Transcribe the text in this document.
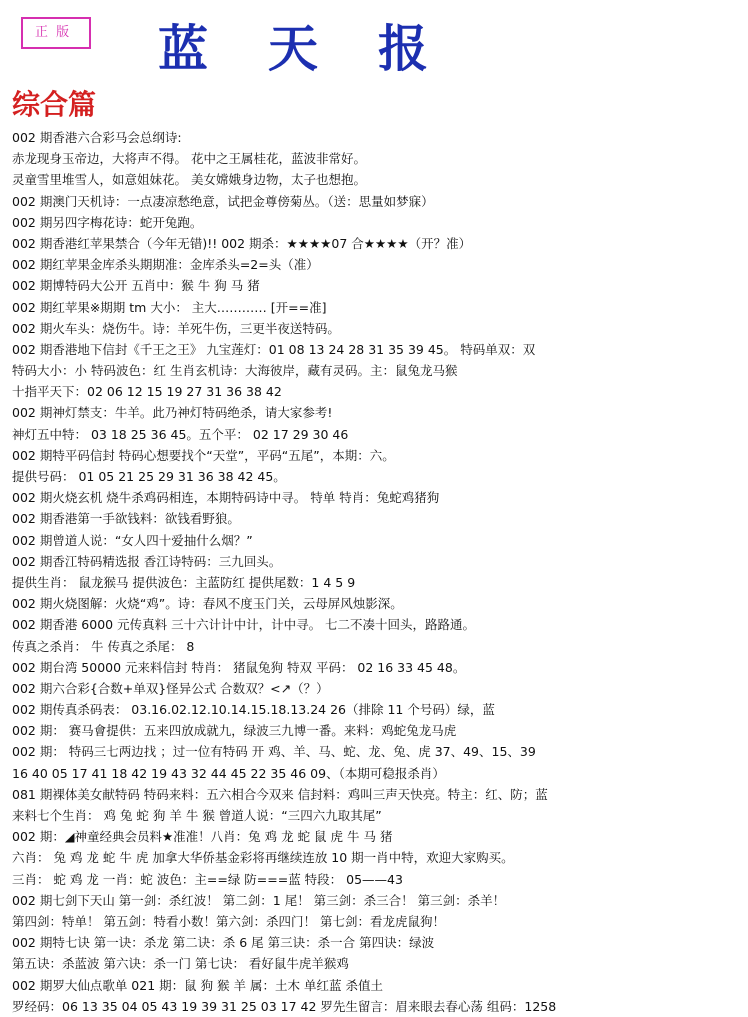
正 版	蓝天报
综合篇
002 期香港六合彩马会总纲诗:
赤龙现身玉帝边，大将声不得。 花中之王属桂花，蓝波非常好。
灵童雪里堆雪人，如意姐妹花。 美女嫦娥身边物，太子也想抱。
002 期澳门天机诗：一点凄凉愁绝意，试把金尊傍菊丛。（送：思量如梦寐）
002 期另四字梅花诗：蛇开兔跑。
002 期香港红苹果禁合（今年无错)!! 002 期杀：★★★★07 合★★★★（开？准）
002 期红苹果金库杀头期期准：金库杀头=2=头（准）
002 期博特码大公开 五肖中：猴 牛 狗 马 猪
002 期红苹果※期期 tm 大小： 主大………… [开==准]
002 期火车头：烧伤牛。诗：羊死牛伤，三更半夜送特码。
002 期香港地下信封《千王之王》 九宝莲灯：01 08 13 24 28 31 35 39 45。 特码单双：双
特码大小：小 特码波色：红 生肖玄机诗：大海彼岸，藏有灵码。主：鼠兔龙马猴
十指平天下：02 06 12 15 19 27 31 36 38 42
002 期神灯禁支：牛羊。此乃神灯特码绝杀，请大家参考!
神灯五中特： 03 18 25 36 45。五个平： 02 17 29 30 46
002 期特平码信封 特码心想要找个“天堂”，平码“五尾”，本期：六。
提供号码： 01 05 21 25 29 31 36 38 42 45。
002 期火烧玄机 烧牛杀鸡码相连，本期特码诗中寻。 特单 特肖：兔蛇鸡猪狗
002 期香港第一手欲钱料：欲钱看野狼。
002 期曾道人说：“女人四十爱抽什么烟？”
002 期香江特码精选报 香江诗特码：三九回头。
提供生肖： 鼠龙猴马 提供波色：主蓝防红 提供尾数：1 4 5 9
002 期火烧图解：火烧“鸡”。诗：春风不度玉门关，云母屏风烛影深。
002 期香港 6000 元传真料 三十六计计中计，计中寻。 七二不凑十回头，路路通。
传真之杀肖： 牛 传真之杀尾： 8
002 期台湾 50000 元来料信封 特肖： 猪鼠兔狗 特双 平码： 02 16 33 45 48。
002 期六合彩{合数+单双}怪异公式 合数双？<↗（？）
002 期传真杀码表： 03.16.02.12.10.14.15.18.13.24 26（排除 11 个号码）绿，蓝
002 期： 赛马會提供：五来四放成就九，绿波三九博一番。来料：鸡蛇兔龙马虎
002 期： 特码三七两边找 ；过一位有特码 开 鸡、羊、马、蛇、龙、兔、虎 37、49、15、39
16 40 05 17 41 18 42 19 43 32 44 45 22 35 46 09、（本期可稳报杀肖）
081 期裸体美女献特码 特码来料：五六相合今双来 信封料：鸡叫三声天快亮。特主：红、防；蓝
来料七个生肖： 鸡 兔 蛇 狗 羊 牛 猴 曾道人说：“三四六九取其尾”
002 期：◢神童经典会员料★准准！八肖：兔 鸡 龙 蛇 鼠 虎 牛 马 猪
六肖： 兔 鸡 龙 蛇 牛 虎 加拿大华侨基金彩将再继续连放 10 期一肖中特，欢迎大家购买。
三肖： 蛇 鸡 龙 一肖：蛇 波色：主==绿 防===蓝 特段： 05——43
002 期七剑下天山 第一剑：杀红波！ 第二剑：1 尾！ 第三剑：杀三合！ 第三剑：杀羊！
第四剑：特单！ 第五剑：特看小数！第六剑：杀四门！ 第七剑：看龙虎鼠狗！
002 期特七诀 第一诀：杀龙 第二诀：杀 6 尾 第三诀：杀一合 第四诀：绿波
第五诀：杀蓝波 第六诀：杀一门 第七诀： 看好鼠牛虎羊猴鸡
002 期罗大仙点歌单 021 期：鼠 狗 猴 羊 属：土木 单红蓝 杀值土
罗经码：06 13 35 04 05 43 19 39 31 25 03 17 42 罗先生留言：眉来眼去春心荡 组码：1258
